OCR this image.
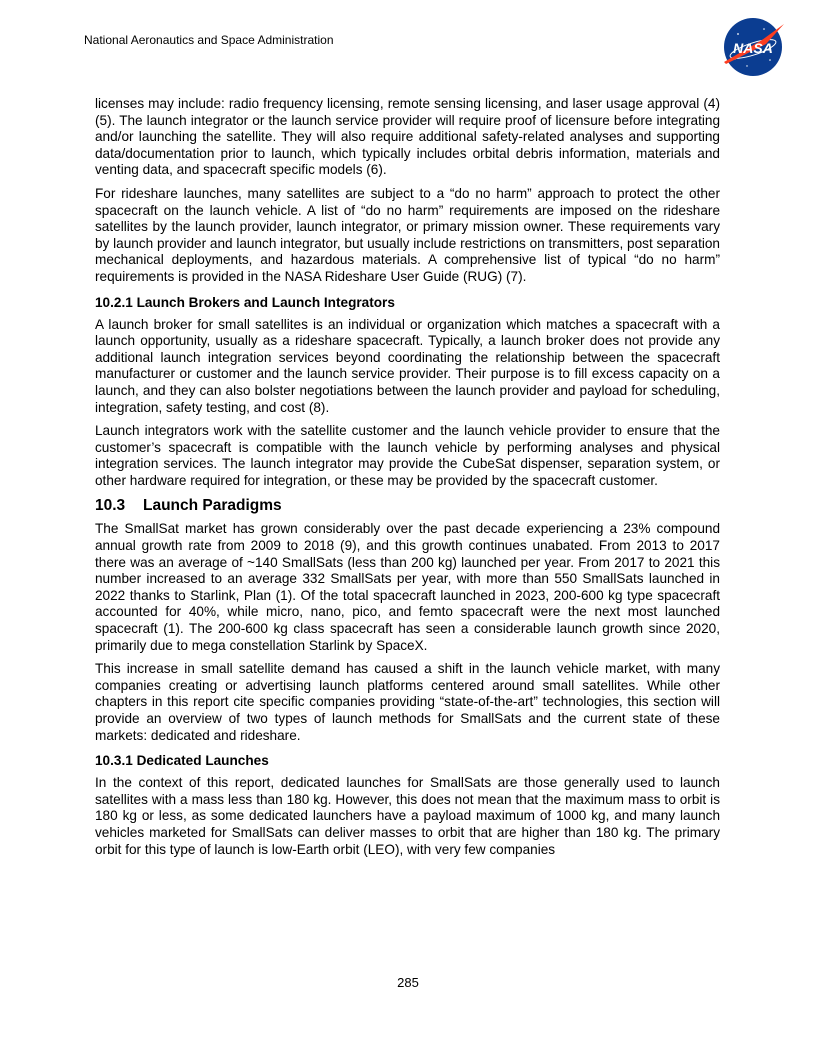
National Aeronautics and Space Administration	NASA

licenses may include: radio frequency licensing, remote sensing licensing, and laser usage approval (4)(5). The launch integrator or the launch service provider will require proof of licensure before integrating and/or launching the satellite. They will also require additional safety-related analyses and supporting data/documentation prior to launch, which typically includes orbital debris information, materials and venting data, and spacecraft specific models (6).

For rideshare launches, many satellites are subject to a “do no harm” approach to protect the other spacecraft on the launch vehicle. A list of “do no harm” requirements are imposed on the rideshare satellites by the launch provider, launch integrator, or primary mission owner. These requirements vary by launch provider and launch integrator, but usually include restrictions on transmitters, post separation mechanical deployments, and hazardous materials. A comprehensive list of typical “do no harm” requirements is provided in the NASA Rideshare User Guide (RUG) (7).

10.2.1 Launch Brokers and Launch Integrators

A launch broker for small satellites is an individual or organization which matches a spacecraft with a launch opportunity, usually as a rideshare spacecraft. Typically, a launch broker does not provide any additional launch integration services beyond coordinating the relationship between the spacecraft manufacturer or customer and the launch service provider. Their purpose is to fill excess capacity on a launch, and they can also bolster negotiations between the launch provider and payload for scheduling, integration, safety testing, and cost (8).

Launch integrators work with the satellite customer and the launch vehicle provider to ensure that the customer’s spacecraft is compatible with the launch vehicle by performing analyses and physical integration services. The launch integrator may provide the CubeSat dispenser, separation system, or other hardware required for integration, or these may be provided by the spacecraft customer.

10.3 Launch Paradigms

The SmallSat market has grown considerably over the past decade experiencing a 23% compound annual growth rate from 2009 to 2018 (9), and this growth continues unabated. From 2013 to 2017 there was an average of ~140 SmallSats (less than 200 kg) launched per year. From 2017 to 2021 this number increased to an average 332 SmallSats per year, with more than 550 SmallSats launched in 2022 thanks to Starlink, Plan (1). Of the total spacecraft launched in 2023, 200-600 kg type spacecraft accounted for 40%, while micro, nano, pico, and femto spacecraft were the next most launched spacecraft (1). The 200-600 kg class spacecraft has seen a considerable launch growth since 2020, primarily due to mega constellation Starlink by SpaceX.

This increase in small satellite demand has caused a shift in the launch vehicle market, with many companies creating or advertising launch platforms centered around small satellites. While other chapters in this report cite specific companies providing “state-of-the-art” technologies, this section will provide an overview of two types of launch methods for SmallSats and the current state of these markets: dedicated and rideshare.

10.3.1 Dedicated Launches

In the context of this report, dedicated launches for SmallSats are those generally used to launch satellites with a mass less than 180 kg. However, this does not mean that the maximum mass to orbit is 180 kg or less, as some dedicated launchers have a payload maximum of 1000 kg, and many launch vehicles marketed for SmallSats can deliver masses to orbit that are higher than 180 kg. The primary orbit for this type of launch is low-Earth orbit (LEO), with very few companies

285
